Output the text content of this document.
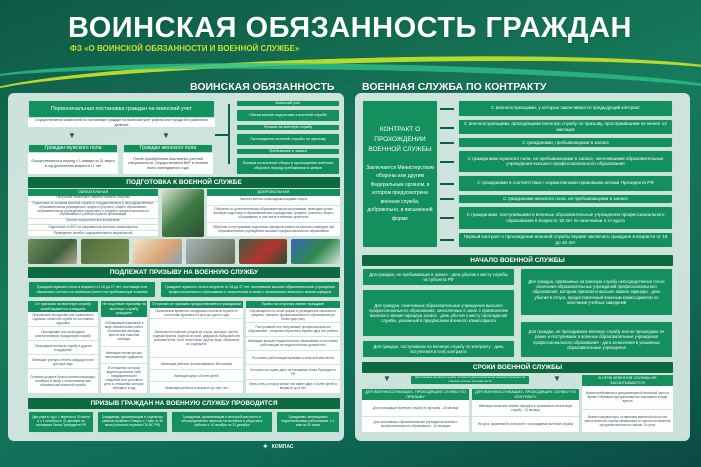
ВОИНСКАЯ ОБЯЗАННОСТЬ ГРАЖДАН
ФЗ «О ВОИНСКОЙ ОБЯЗАННОСТИ И ВОЕННОЙ СЛУЖБЕ»
ВОИНСКАЯ ОБЯЗАННОСТЬ
Первоначальная постановка граждан на воинский учет
Осуществляется комиссией по постановке граждан на воинский учет района или города без районного деления
▼	▼
Граждан мужского пола
Осуществляется в период с 1 января по 31 марта в год достижения возраста 17 лет
Граждан женского пола
После приобретения ими военно-учетной специальности. Осуществляется ВКР в течение всего календарного года
Воинский учет
Обязательная подготовка к военной службе
Призыв на военную службу
Прохождение военной службы по призыву
Пребывание в запасе
Призыв на военные сборы и прохождение военных сборов в период пребывания в запасе
ПОДГОТОВКА К ВОЕННОЙ СЛУЖБЕ
ОБЯЗАТЕЛЬНАЯ
Получение начальных знаний в области обороны
Подготовка по основам военной службы в государственных и негосударственных образовательных учреждениях среднего (полного) общего образования, образовательных учреждениях начального и среднего профессионального образования и учебных пунктах организаций
Военно-патриотическое воспитание
Подготовка по ВУС по направлению военного комиссариата
Проведение лечебно-оздоровительных мероприятий
ДОБРОВОЛЬНАЯ
Занятия военно-прикладными видами спорта
Обучение по дополнительным образовательным программам, имеющим целью военную подготовку в образовательных учреждениях среднего (полного) общего образования, в том числе в военных оркестрах
Обучение по программам подготовки офицеров запаса на военных кафедрах при образовательных учреждениях высшего профессионального образования
ПОДЛЕЖАТ ПРИЗЫВУ НА ВОЕННУЮ СЛУЖБУ
Граждане мужского пола в возрасте от 18 до 27 лет, состоящие или обязанные состоять на воинском учете и не пребывающие в запасе
Граждане мужского пола в возрасте от 18 до 27 лет, окончившие высшие образовательные учреждения профессионального образования и зачисленные в запас с присвоением воинского звания офицера
От призыва на военную службу освобождаются граждане
Признанные негодными или ограниченно годными к военной службе по состоянию здоровья
Проходящие или прошедшие альтернативную гражданскую службу
Прошедшие военную службу в другом государстве
Имеющие ученую степень кандидата или доктора наук
Сыновья (родные братья) военнослужащих, погибших в связи с исполнением ими обязанностей военной службы
Не подлежат призыву на военную службу граждане
Отбывающие наказание в виде обязательных работ, ограничения свободы, ареста или лишения свободы
Имеющие неснятую или непогашенную судимость
В отношении которых ведется дознание либо предварительное следствие или уголовное дело в отношении которых передано в суд
Отсрочка от призыва предоставляется гражданам
Признанным временно негодными к военной службе по состоянию здоровья на срок до одного года
Занятым постоянным уходом за отцом, матерью, женой, родным братом, родной сестрой, дедушкой, бабушкой или усыновителем, если отсутствуют другие лица, обязанные их содержать
Имеющим ребенка, воспитываемого без матери
Имеющим двух и более детей
Имеющим ребенка в возрасте до трех лет
Право на отсрочку имеют граждане
Обучающиеся по очной форме в учреждениях начального, среднего, высшего профессионального образования (не более двух раз)
Поступившие или получившие профессиональное образование - на время обучения и первых двух лет работы
Имеющие высшее педагогическое образование и постоянно работающие на педагогических должностях
Постоянно работающие врачами в сельской местности
Которым это право дано на основании Указа Президента РФ
Мать (отец) которых кроме них имеет двух и более детей в возрасте до 8 лет
ПРИЗЫВ ГРАЖДАН НА ВОЕННУЮ СЛУЖБУ ПРОВОДИТСЯ
Два раза в год с 1 апреля по 30 июня и с 1 октября по 31 декабря на основании Указа Президента РФ
Гражданам, проживающим в отдельных районах Крайнего Севера с 1 мая по 30 июня (согласно перечню ГШ ВС РФ)
Гражданам, проживающим в сельской местности и непосредственно занятым на посевных и уборочных работах с 15 октября по 31 декабря
Гражданам, являющимся педагогическими работниками, с 1 мая по 30 июня
ВОЕННАЯ СЛУЖБА ПО КОНТРАКТУ
КОНТРАКТ О ПРОХОЖДЕНИИ ВОЕННОЙ СЛУЖБЫ
Заключается Министерством обороны или другим Федеральным органом, в котором предусмотрена военная служба, добровольно, в письменной форме
С военнослужащими, у которых заканчивается предыдущий контракт
С военнослужащими, проходящими военную службу по призыву, прослужившими не менее 12 месяцев
С гражданами, пребывающими в запасе
С гражданами мужского пола, не пребывающими в запасе, окончившими образовательные учреждения высшего профессионального образования
С гражданами в соответствии с нормативными правовыми актами Президента РФ
С гражданами женского пола, не пребывающими в запасе
С гражданами, поступившими в военные образовательные учреждения профессионального образования в возрасте 18 лет по окончании 1-го курса
Первый контракт о прохождении военной службы вправе заключать граждане в возрасте от 18 до 40 лет
НАЧАЛО ВОЕННОЙ СЛУЖБЫ
Для граждан, не пребывающих в запасе - день убытия к месту службы из субъекта РФ
Для граждан, окончивших образовательные учреждения высшего профессионального образования, зачисленных в запас с присвоением воинского звания офицера запаса - день убытия к месту прохождения службы, указанный в предписании военного комиссариата
Для граждан, поступивших на военную службу по контракту - день вступления в силу контракта
Для граждан, призванных на военную службу непосредственно после окончания образовательных учреждений профессионального образования, которым присвоено высшее звание офицера - день убытия в отпуск, предоставляемый военным комиссариатом по окончании учебных заведений
Для граждан, не проходивших военную службу или не прошедших ее ранее и поступивших в военные образовательные учреждения профессионального образования - дата зачисления в указанные образовательные учреждения
СРОКИ ВОЕННОЙ СЛУЖБЫ
Окончанием военной службы считается дата исключения военнослужащего из списков личного состава части
▼	▼
ДЛЯ ВОЕННОСЛУЖАЩИХ, ПРОХОДЯЩИХ СЛУЖБУ ПО ПРИЗЫВУ
Для проходящих военную службу по призыву - 24 месяца
Для окончивших образовательные учреждения высшего профессионального образования - 12 месяцев
ДЛЯ ВОЕННОСЛУЖАЩИХ, ПРОХОДЯЩИХ СЛУЖБУ ПО КОНТРАКТУ
Имеющих воинское звание офицера и призванных на военную службу - 24 месяца
На срок, указанный в контракте о прохождении военной службы
В СРОК ВОЕННОЙ СЛУЖБЫ НЕ ЗАСЧИТЫВАЮТСЯ
Время пребывания в дисциплинарной воинской части и время отбывания дисциплинарного взыскания в виде ареста
Время самовольного оставления воинской части или места военной службы независимо от причин оставления продолжительностью свыше 10 суток
✦ КОМПАС
